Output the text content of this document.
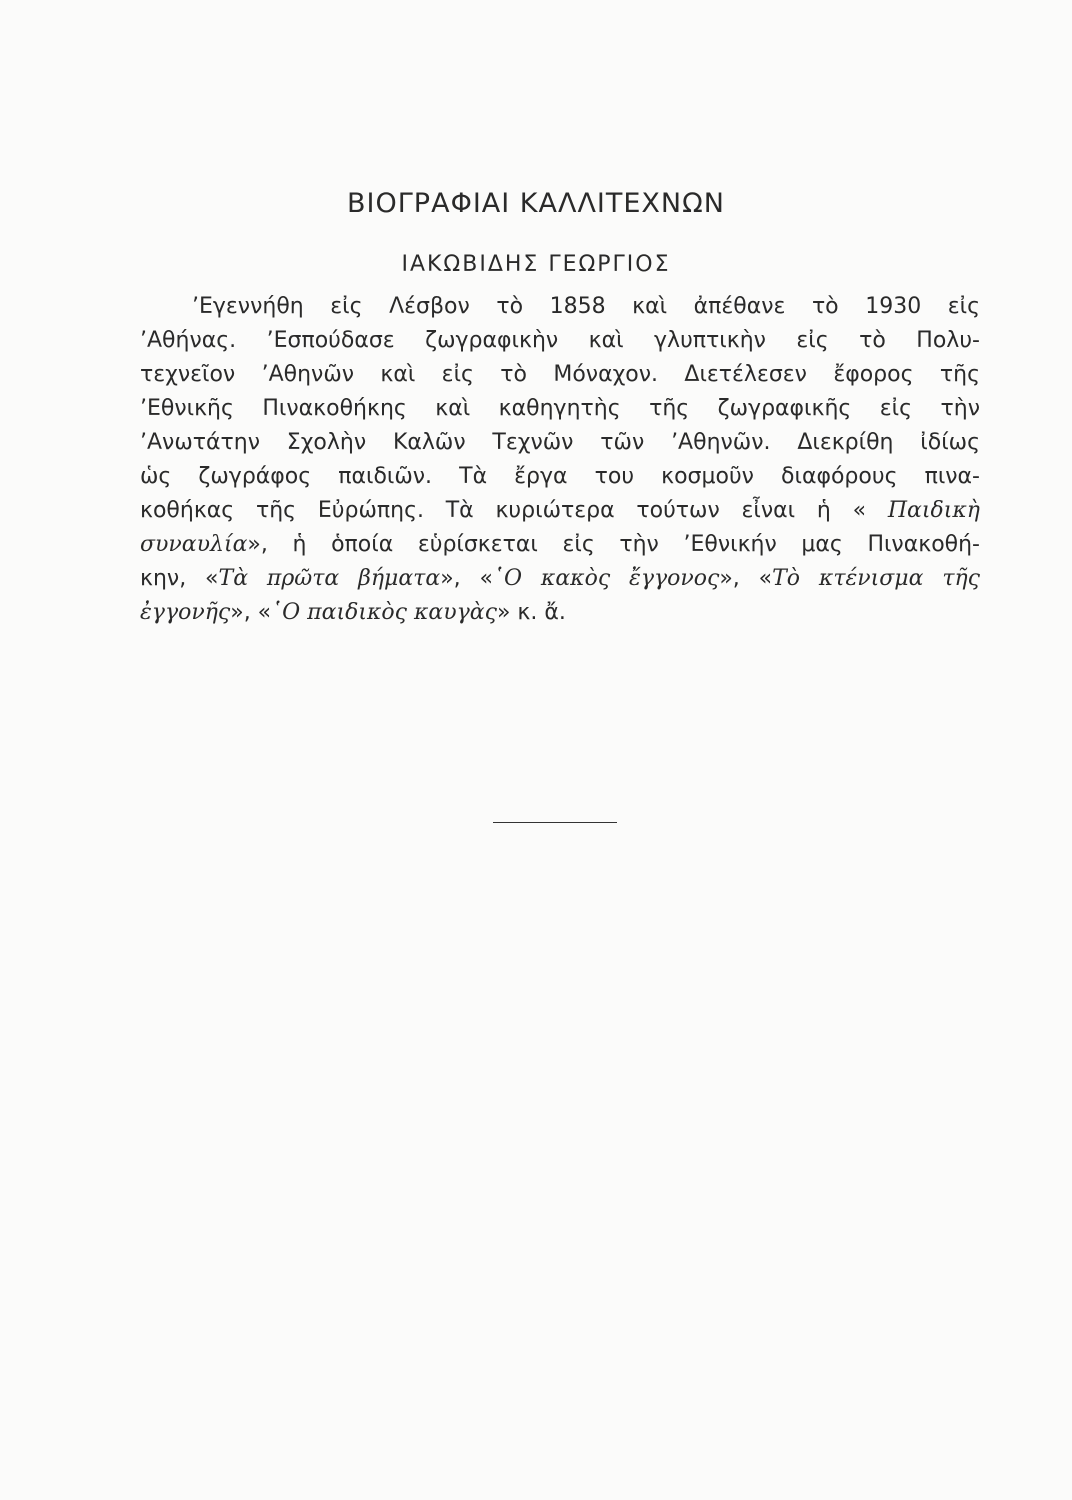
ΒΙΟΓΡΑΦΙΑΙ ΚΑΛΛΙΤΕΧΝΩΝ
ΙΑΚΩΒΙΔΗΣ ΓΕΩΡΓΙΟΣ
’Εγεννήθη εἰς Λέσβον τὸ 1858 καὶ ἀπέθανε τὸ 1930 εἰς
’Αθήνας. ’Εσπούδασε ζωγραφικὴν καὶ γλυπτικὴν εἰς τὸ Πολυ-
τεχνεῖον ’Αθηνῶν καὶ εἰς τὸ Μόναχον. Διετέλεσεν ἔφορος τῆς
’Εθνικῆς Πινακοθήκης καὶ καθηγητὴς τῆς ζωγραφικῆς εἰς τὴν
’Ανωτάτην Σχολὴν Καλῶν Τεχνῶν τῶν ’Αθηνῶν. Διεκρίθη ἰδίως
ὡς ζωγράφος παιδιῶν. Τὰ ἔργα του κοσμοῦν διαφόρους πινα-
κοθήκας τῆς Εὐρώπης. Τὰ κυριώτερα τούτων εἶναι ἡ « Παιδικὴ
συναυλία», ἡ ὁποία εὑρίσκεται εἰς τὴν ’Εθνικήν μας Πινακοθή-
κην, «Τὰ πρῶτα βήματα», «῾Ο κακὸς ἔγγονος», «Τὸ κτένισμα τῆς
ἐγγονῆς», «῾Ο παιδικὸς καυγὰς» κ. ἄ.
